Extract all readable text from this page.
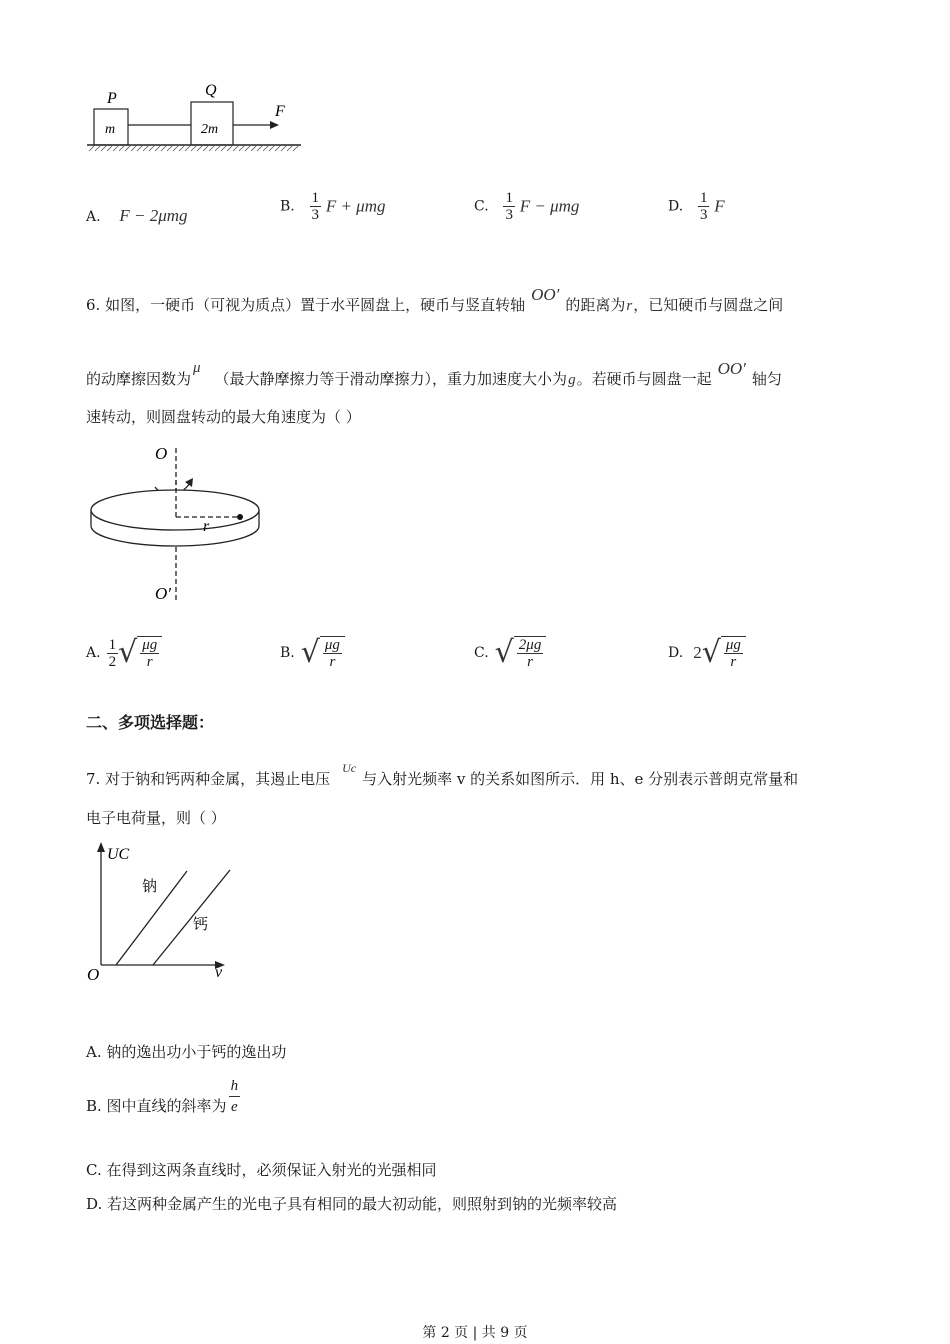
P	Q
m	2m
F
A. F − 2μmg	B. $\frac{1}{3}$ F + μmg	C. $\frac{1}{3}$ F − μmg	D. $\frac{1}{3}$ F
6. 如图，一硬币（可视为质点）置于水平圆盘上，硬币与竖直转轴OO′的距离为r，已知硬币与圆盘之间
的动摩擦因数为μ（最大静摩擦力等于滑动摩擦力），重力加速度大小为g。若硬币与圆盘一起OO′轴匀
速转动，则圆盘转动的最大角速度为（ ）
O
r
O′
A. $\frac{1}{2}$ √ $\frac{\mu g}{r}$	B. √ $\frac{\mu g}{r}$	C. √ $\frac{2\mu g}{r}$	D. 2 √ $\frac{\mu g}{r}$
二、多项选择题：
7. 对于钠和钙两种金属，其遏止电压$^{Uc}$与入射光频率 v 的关系如图所示．用 h、e 分别表示普朗克常量和
电子电荷量，则（ ）
UC
v
O
钠
钙
A. 钠的逸出功小于钙的逸出功
B. 图中直线的斜率为 $\frac{h}{e}$
C. 在得到这两条直线时，必须保证入射光的光强相同
D. 若这两种金属产生的光电子具有相同的最大初动能，则照射到钠的光频率较高
第 2 页 | 共 9 页
